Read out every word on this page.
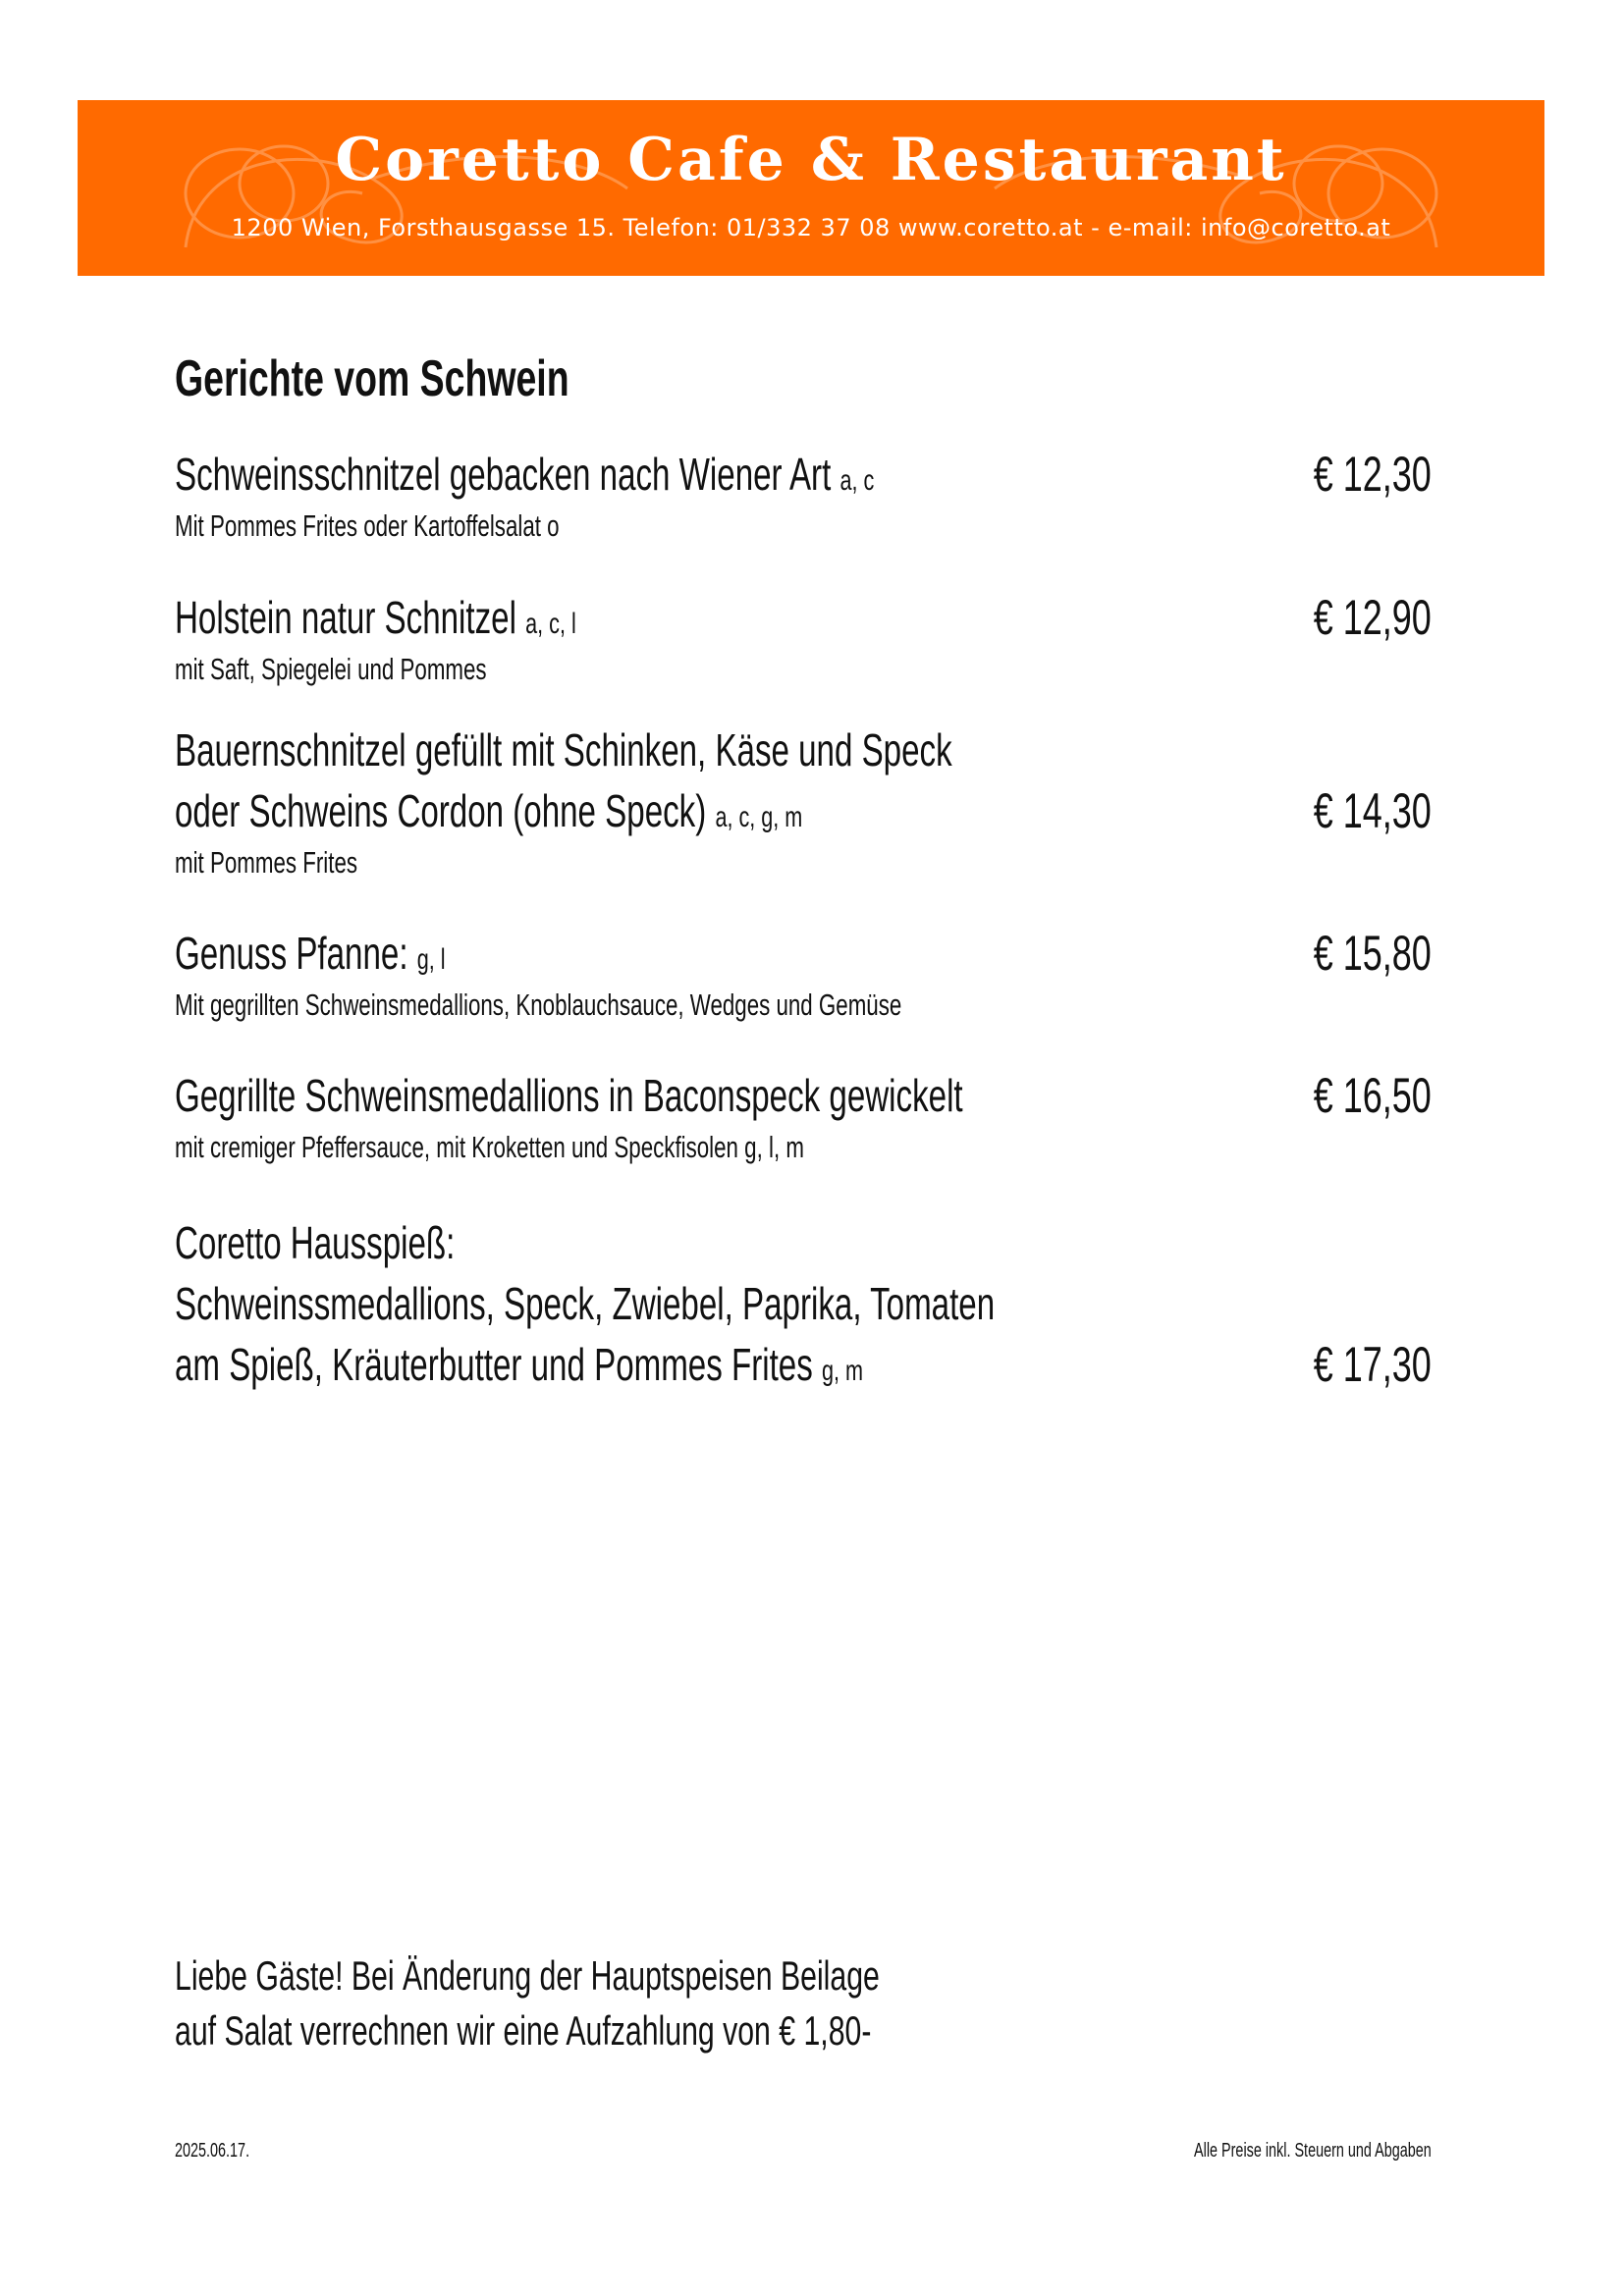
Coretto Cafe & Restaurant
1200 Wien, Forsthausgasse 15. Telefon: 01/332 37 08 www.coretto.at - e-mail: info@coretto.at
Gerichte vom Schwein
Schweinsschnitzel gebacken nach Wiener Art a, c
Mit Pommes Frites oder Kartoffelsalat o
€ 12,30
Holstein natur Schnitzel a, c, l
mit Saft, Spiegelei und Pommes
€ 12,90
Bauernschnitzel gefüllt mit Schinken, Käse und Speck
oder Schweins Cordon (ohne Speck) a, c, g, m
mit Pommes Frites
€ 14,30
Genuss Pfanne: g, l
Mit gegrillten Schweinsmedallions, Knoblauchsauce, Wedges und Gemüse
€ 15,80
Gegrillte Schweinsmedallions in Baconspeck gewickelt
mit cremiger Pfeffersauce, mit Kroketten und Speckfisolen g, l, m
€ 16,50
Coretto Hausspieß:
Schweinssmedallions, Speck, Zwiebel, Paprika, Tomaten
am Spieß, Kräuterbutter und Pommes Frites g, m	€ 17,30
Liebe Gäste! Bei Änderung der Hauptspeisen Beilage
auf Salat verrechnen wir eine Aufzahlung von € 1,80-
2025.06.17.	Alle Preise inkl. Steuern und Abgaben
